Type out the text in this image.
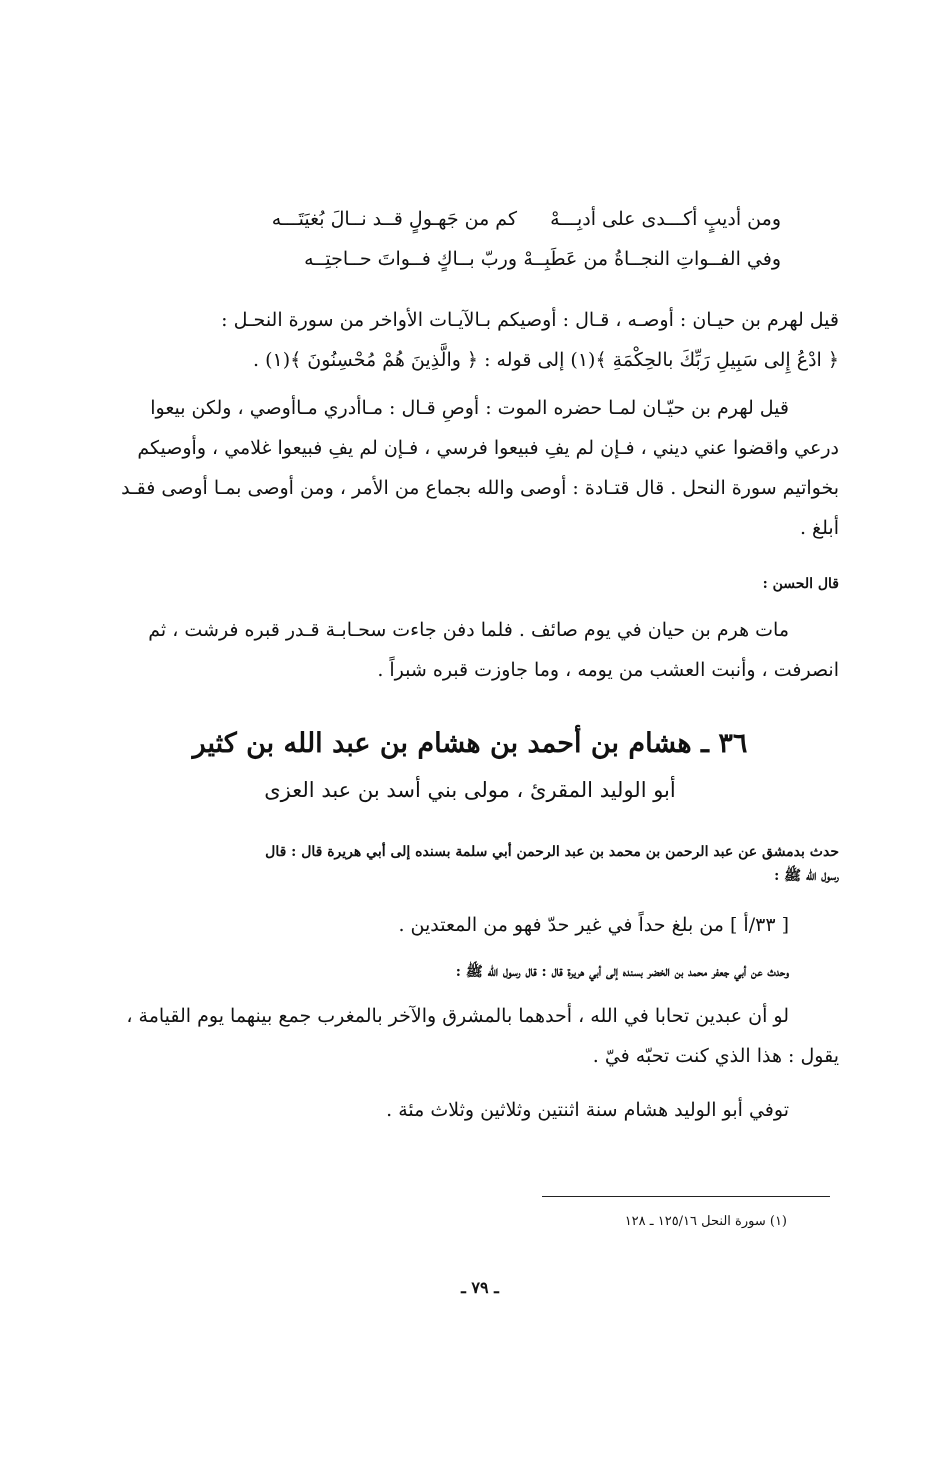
ومن أديبٍ أكـــدى على أدبِـــهْ
كم من جَهـولٍ قــد نــالَ بُغيَتَـــه
وفي الفــواتِ النجــاةُ من عَطَبِــهْ
وربّ بــاكٍ فــواتَ حــاجتِــه
قيل لهرم بن حيـان : أوصـه ، قـال : أوصيكم بـالآيـات الأواخر من سورة النحـل :
﴿ ادْعُ إِلى سَبِيلِ رَبِّكَ بالحِكْمَةِ ﴾(١) إلى قوله : ﴿ والَّذِينَ هُمْ مُحْسِنُونَ ﴾(١) .
قيل لهرم بن حيّـان لمـا حضره الموت : أوصِ قـال : مـاأدري مـاأوصي ، ولكن بيعوا
درعي واقضوا عني ديني ، فـإن لم يفِ فبيعوا فرسي ، فـإن لم يفِ فبيعوا غلامي ، وأوصيكم
بخواتيم سورة النحل . قال قتـادة : أوصى والله بجماع من الأمر ، ومن أوصى بمـا أوصى فقـد
أبلغ .
قال الحسن :
مات هرم بن حيان في يوم صائف . فلما دفن جاءت سحـابـة قـدر قبره فرشت ، ثم
انصرفت ، وأنبت العشب من يومه ، وما جاوزت قبره شبراً .
٣٦ ـ هشام بن أحمد بن هشام بن عبد الله بن كثير
أبو الوليد المقرئ ، مولى بني أسد بن عبد العزى
حدث بدمشق عن عبد الرحمن بن محمد بن عبد الرحمن أبي سلمة بسنده إلى أبي هريرة قال : قال
رسول الله ﷺ :
[ ٣٣/أ ] من بلغ حداً في غير حدّ فهو من المعتدين .
وحدث عن أبي جعفر محمد بن الخضر بسنده إلى أبي هريرة قال : قال رسول الله ﷺ :
لو أن عبدين تحابا في الله ، أحدهما بالمشرق والآخر بالمغرب جمع بينهما يوم القيامة ،
يقول : هذا الذي كنت تحبّه فيّ .
توفي أبو الوليد هشام سنة اثنتين وثلاثين وثلاث مئة .
(١) سورة النحل ١٢٥/١٦ ـ ١٢٨
ـ ٧٩ ـ
